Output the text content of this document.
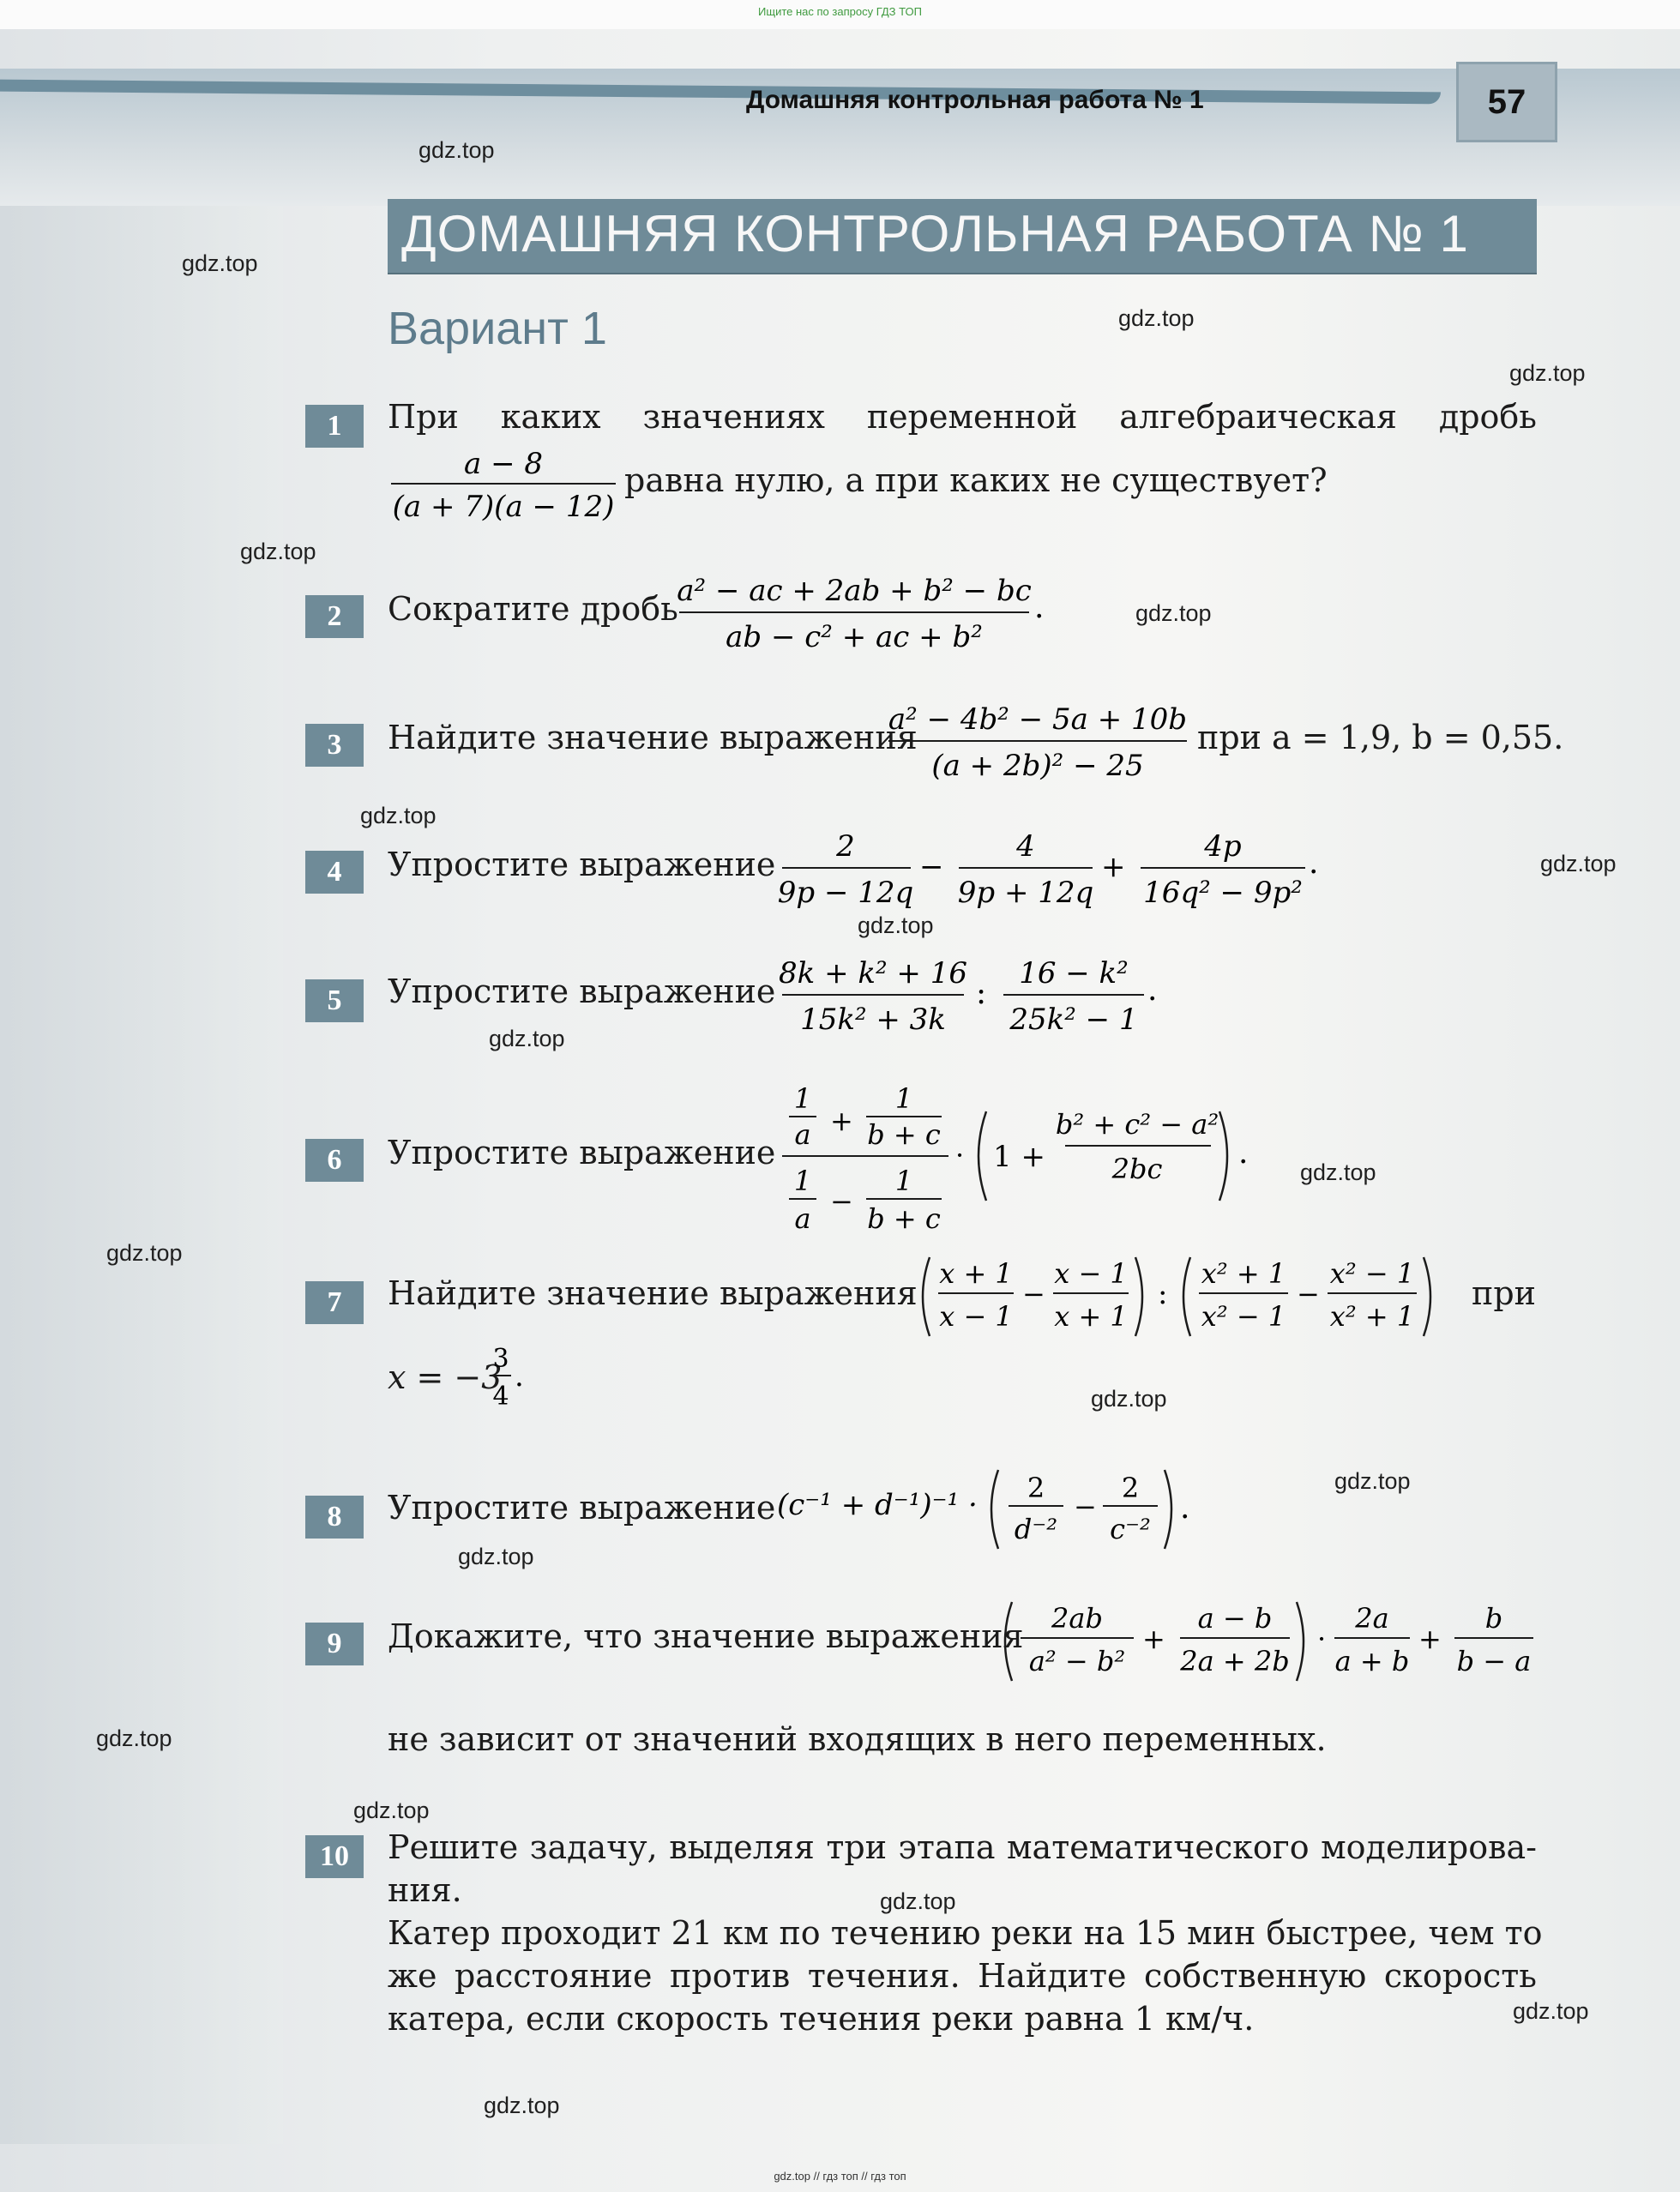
Ищите нас по запросу ГДЗ ТОП
Домашняя контрольная работа № 1	57
ДОМАШНЯЯ КОНТРОЛЬНАЯ РАБОТА № 1
Вариант 1
1	При каких значениях переменной алгебраическая дробь
a − 8
(a + 7)(a − 12)
равна нулю, а при каких не существует?
2	Сократите дробь
a² − ac + 2ab + b² − bc
ab − c² + ac + b²
.
3	Найдите значение выражения
a² − 4b² − 5a + 10b
(a + 2b)² − 25
при a = 1,9, b = 0,55.
4	Упростите выражение 2
9p − 12q
−
4
9p + 12q
+
4p
16q² − 9p²
.
5	Упростите выражение 8k + k² + 16
15k² + 3k
:
16 − k²
25k² − 1
.
6	Упростите выражение
1
a +
1
b + c
1
a
−
1
b + c
· 1 +
b² + c² − a²
2bc .
7	Найдите значение выражения
x + 1
x − 1
−
x − 1
x + 1
:
x² + 1
x² − 1
−
x² − 1
x² + 1
при
x = −3
3
4
.
8	Упростите выражение (c⁻¹ + d⁻¹)⁻¹ · 2
d⁻²
−
2
c⁻²
.
9	Докажите, что значение выражения 2ab
a² − b²
+
a − b
2a + 2b
·
2a
a + b
+
b
b − a
не зависит от значений входящих в него переменных.
10	Решите задачу, выделяя три этапа математического моделирова-
ния.
Катер проходит 21 км по течению реки на 15 мин быстрее, чем то
же расстояние против течения. Найдите собственную скорость
катера, если скорость течения реки равна 1 км/ч.
gdz.top
gdz.top
gdz.top
gdz.top
gdz.top
gdz.top
gdz.top
gdz.top
gdz.top
gdz.top
gdz.top
gdz.top
gdz.top
gdz.top
gdz.top
gdz.top
gdz.top
gdz.top
gdz.top
gdz.top
gdz.top // гдз топ // гдз топ
